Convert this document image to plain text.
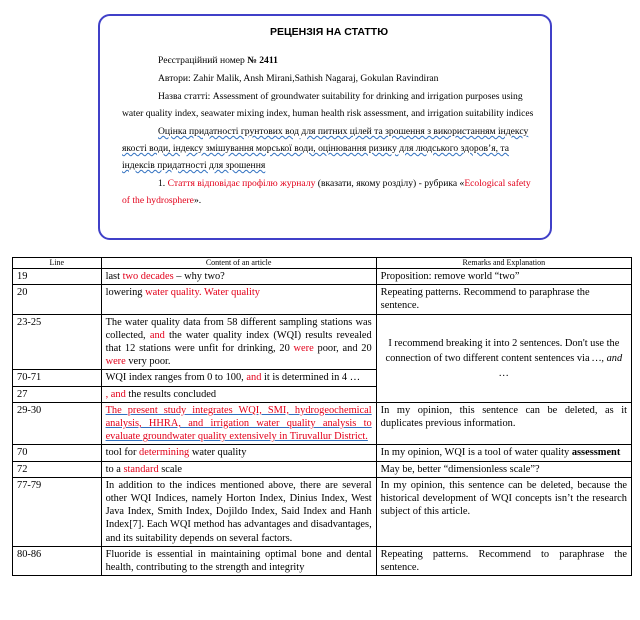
РЕЦЕНЗІЯ НА СТАТТЮ

Реєстраційний номер № 2411

Автори: Zahir Malik, Ansh Mirani,Sathish Nagaraj, Gokulan Ravindiran

Назва статті: Assessment of groundwater suitability for drinking and irrigation purposes using water quality index, seawater mixing index, human health risk assessment, and irrigation suitability indices

Оцінка придатності грунтових вод для питних цілей та зрошення з використанням індексу якості води, індексу змішування морської води, оцінювання ризику для людського здоров’я, та індексів придатності для зрошення

1. Стаття відповідає профілю журналу (вказати, якому розділу) - рубрика «Ecological safety of the hydrosphere».

Line	Content of an article	Remarks and Explanation
19	last two decades – why two?	Proposition: remove world “two”
20	lowering water quality. Water quality	Repeating patterns. Recommend to paraphrase the sentence.
23-25	The water quality data from 58 different sampling stations was collected, and the water quality index (WQI) results revealed that 12 stations were unfit for drinking, 20 were poor, and 20 were very poor.	I recommend breaking it into 2 sentences. Don't use the connection of two different content sentences via …, and …
70-71	WQI index ranges from 0 to 100, and it is determined in 4 …	
27	, and the results concluded	
29-30	The present study integrates WQI, SMI, hydrogeochemical analysis, HHRA, and irrigation water quality analysis to evaluate groundwater quality extensively in Tiruvallur District.	In my opinion, this sentence can be deleted, as it duplicates previous information.
70	tool for determining water quality	In my opinion, WQI is a tool of water quality assessment
72	to a standard scale	May be, better “dimensionless scale”?
77-79	In addition to the indices mentioned above, there are several other WQI Indices, namely Horton Index, Dinius Index, West Java Index, Smith Index, Dojildo Index, Said Index and Hanh Index[7]. Each WQI method has advantages and disadvantages, and its suitability depends on several factors.	In my opinion, this sentence can be deleted, because the historical development of WQI concepts isn’t the research subject of this article.
80-86	Fluoride is essential in maintaining optimal bone and dental health, contributing to the strength and integrity	Repeating patterns. Recommend to paraphrase the sentence.
